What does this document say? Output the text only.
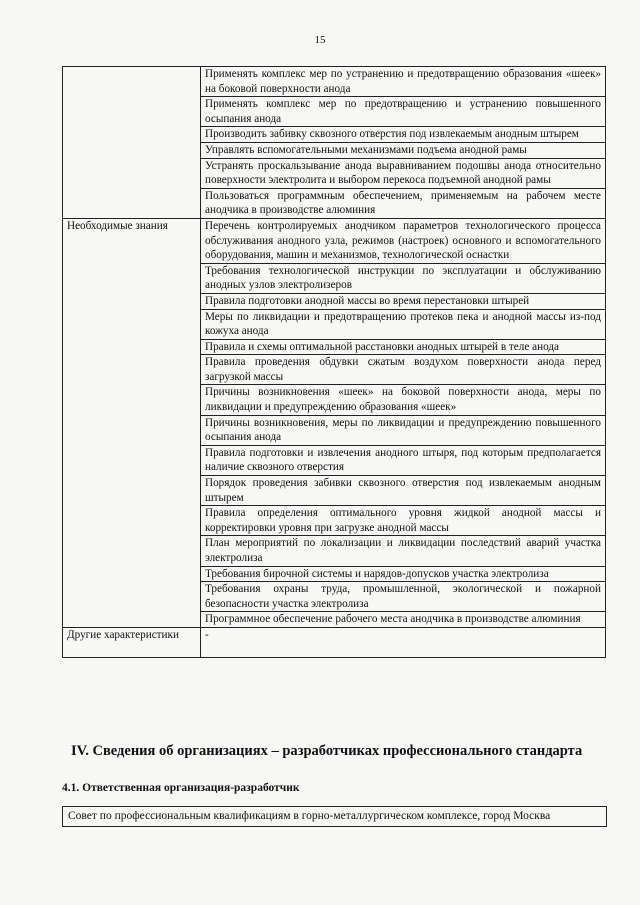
15
	Применять комплекс мер по устранению и предотвращению образования «шеек» на боковой поверхности анода
	Применять комплекс мер по предотвращению и устранению повышенного осыпания анода
	Производить забивку сквозного отверстия под извлекаемым анодным штырем
	Управлять вспомогательными механизмами подъема анодной рамы
	Устранять проскальзывание анода выравниванием подошвы анода относительно поверхности электролита и выбором перекоса подъемной анодной рамы
	Пользоваться программным обеспечением, применяемым на рабочем месте анодчика в производстве алюминия
Необходимые знания	Перечень контролируемых анодчиком параметров технологического процесса обслуживания анодного узла, режимов (настроек) основного и вспомогательного оборудования, машин и механизмов, технологической оснастки
	Требования технологической инструкции по эксплуатации и обслуживанию анодных узлов электролизеров
	Правила подготовки анодной массы во время перестановки штырей
	Меры по ликвидации и предотвращению протеков пека и анодной массы из-под кожуха анода
	Правила и схемы оптимальной расстановки анодных штырей в теле анода
	Правила проведения обдувки сжатым воздухом поверхности анода перед загрузкой массы
	Причины возникновения «шеек» на боковой поверхности анода, меры по ликвидации и предупреждению образования «шеек»
	Причины возникновения, меры по ликвидации и предупреждению повышенного осыпания анода
	Правила подготовки и извлечения анодного штыря, под которым предполагается наличие сквозного отверстия
	Порядок проведения забивки сквозного отверстия под извлекаемым анодным штырем
	Правила определения оптимального уровня жидкой анодной массы и корректировки уровня при загрузке анодной массы
	План мероприятий по локализации и ликвидации последствий аварий участка электролиза
	Требования бирочной системы и нарядов-допусков участка электролиза
	Требования охраны труда, промышленной, экологической и пожарной безопасности участка электролиза
	Программное обеспечение рабочего места анодчика в производстве алюминия
Другие характеристики	-
IV. Сведения об организациях – разработчиках профессионального стандарта
4.1. Ответственная организация-разработчик
Совет по профессиональным квалификациям в горно-металлургическом комплексе, город Москва
